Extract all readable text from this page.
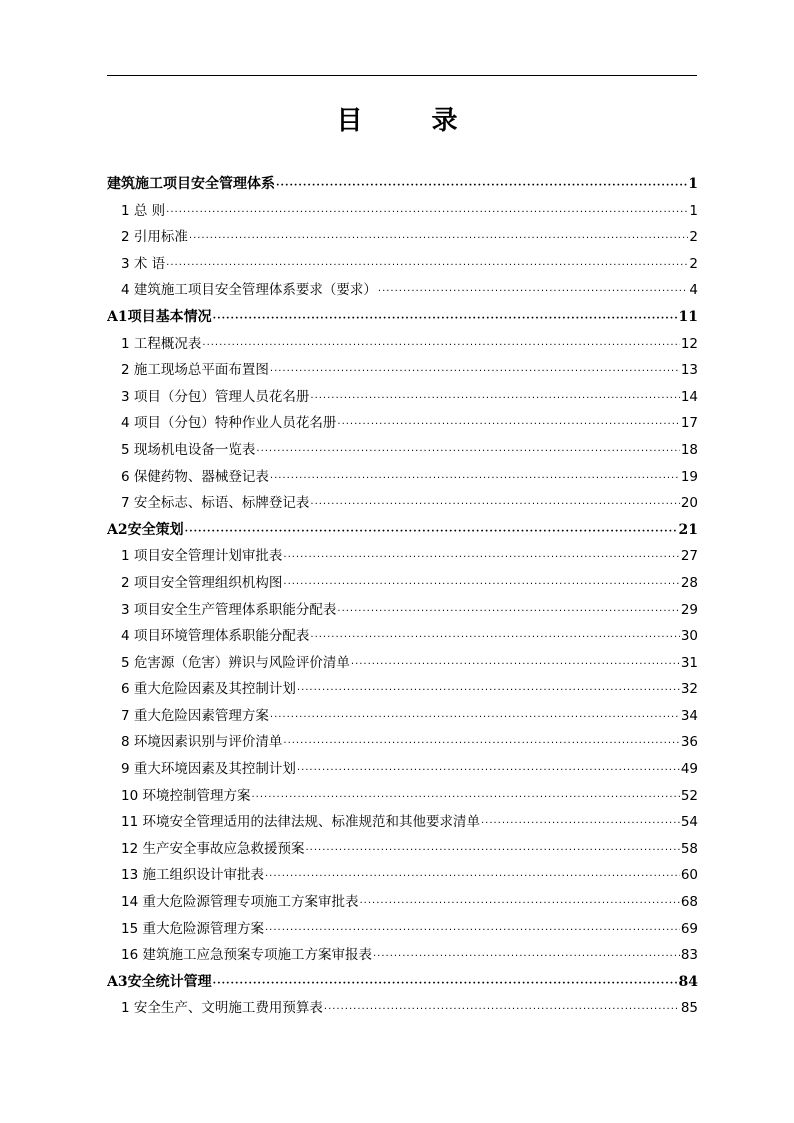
目 录
建筑施工项目安全管理体系 ·····	1
1 总 则 ·····	1
2 引用标准 ·····	2
3 术 语 ·····	2
4 建筑施工项目安全管理体系要求（要求） ·····	4
A1项目基本情况 ·····	11
1 工程概况表 ·····	12
2 施工现场总平面布置图 ·····	13
3 项目（分包）管理人员花名册 ·····	14
4 项目（分包）特种作业人员花名册 ·····	17
5 现场机电设备一览表 ·····	18
6 保健药物、器械登记表 ·····	19
7 安全标志、标语、标牌登记表 ·····	20
A2安全策划 ·····	21
1 项目安全管理计划审批表 ·····	27
2 项目安全管理组织机构图 ·····	28
3 项目安全生产管理体系职能分配表 ·····	29
4 项目环境管理体系职能分配表 ·····	30
5 危害源（危害）辨识与风险评价清单 ·····	31
6 重大危险因素及其控制计划 ·····	32
7 重大危险因素管理方案 ·····	34
8 环境因素识别与评价清单 ·····	36
9 重大环境因素及其控制计划 ·····	49
10 环境控制管理方案 ·····	52
11 环境安全管理适用的法律法规、标准规范和其他要求清单 ·····	54
12 生产安全事故应急救援预案 ·····	58
13 施工组织设计审批表 ·····	60
14 重大危险源管理专项施工方案审批表 ·····	68
15 重大危险源管理方案 ·····	69
16 建筑施工应急预案专项施工方案审报表 ·····	83
A3安全统计管理 ·····	84
1 安全生产、文明施工费用预算表 ·····	85
